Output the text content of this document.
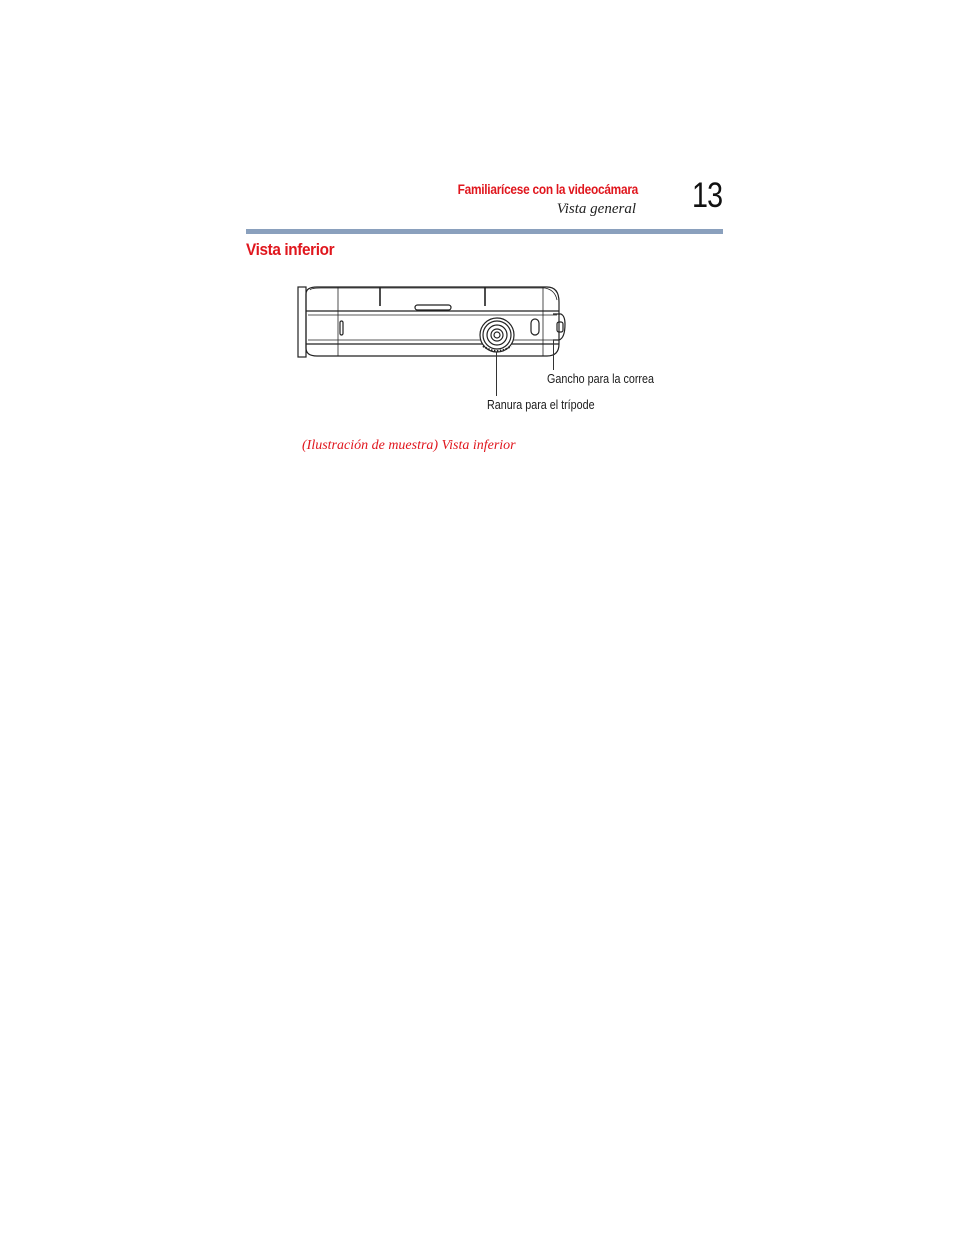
Familiarícese con la videocámara

Vista general 13

Vista inferior

Gancho para la correa

Ranura para el trípode

(Ilustración de muestra) Vista inferior
